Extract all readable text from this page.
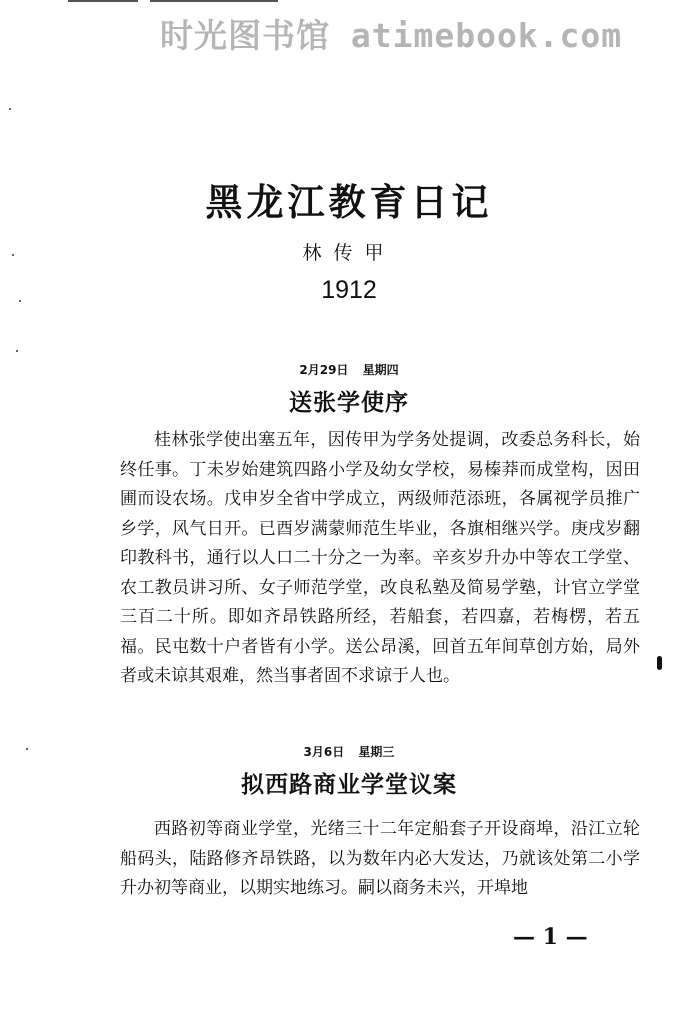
时光图书馆 atimebook.com
黑龙江教育日记
林传甲
1912
2月29日 星期四
送张学使序

桂林张学使出塞五年，因传甲为学务处提调，改委总务科长，始终任事。丁未岁始建筑四路小学及幼女学校，易榛莽而成堂构，因田圃而设农场。戊申岁全省中学成立，两级师范添班，各属视学员推广乡学，风气日开。已酉岁满蒙师范生毕业，各旗相继兴学。庚戌岁翻印教科书，通行以人口二十分之一为率。辛亥岁升办中等农工学堂、农工教员讲习所、女子师范学堂，改良私塾及简易学塾，计官立学堂三百二十所。即如齐昂铁路所经，若船套，若四嘉，若梅楞，若五福。民屯数十户者皆有小学。送公昂溪，回首五年间草创方始，局外者或未谅其艰难，然当事者固不求谅于人也。

3月6日 星期三
拟西路商业学堂议案

西路初等商业学堂，光绪三十二年定船套子开设商埠，沿江立轮船码头，陆路修齐昂铁路，以为数年内必大发达，乃就该处第二小学升办初等商业，以期实地练习。嗣以商务未兴，开埠地

— 1 —
